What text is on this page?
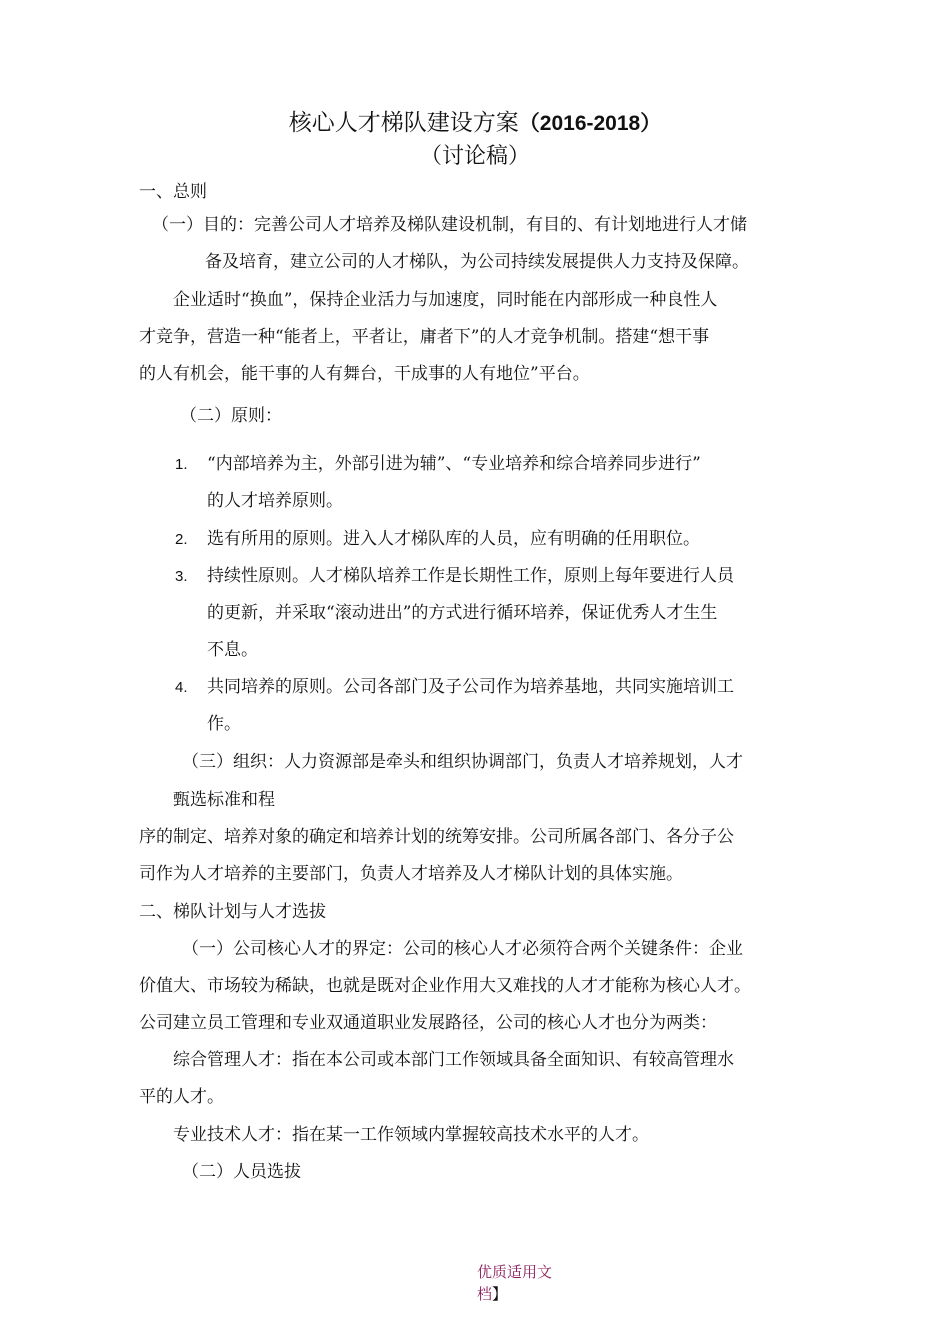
核心人才梯队建设方案（2016-2018）
（讨论稿）
一、总则
（一）目的：完善公司人才培养及梯队建设机制，有目的、有计划地进行人才储
备及培育，建立公司的人才梯队，为公司持续发展提供人力支持及保障。
企业适时“换血”，保持企业活力与加速度，同时能在内部形成一种良性人
才竞争，营造一种“能者上，平者让，庸者下”的人才竞争机制。搭建“想干事
的人有机会，能干事的人有舞台，干成事的人有地位”平台。
（二）原则：
1. “内部培养为主，外部引进为辅”、“专业培养和综合培养同步进行”
的人才培养原则。
2. 选有所用的原则。进入人才梯队库的人员，应有明确的任用职位。
3. 持续性原则。人才梯队培养工作是长期性工作，原则上每年要进行人员
的更新，并采取“滚动进出”的方式进行循环培养，保证优秀人才生生
不息。
4. 共同培养的原则。公司各部门及子公司作为培养基地，共同实施培训工
作。
（三）组织：人力资源部是牵头和组织协调部门，负责人才培养规划，人才
甄选标准和程
序的制定、培养对象的确定和培养计划的统筹安排。公司所属各部门、各分子公
司作为人才培养的主要部门，负责人才培养及人才梯队计划的具体实施。
二、梯队计划与人才选拔
（一）公司核心人才的界定：公司的核心人才必须符合两个关键条件：企业
价值大、市场较为稀缺，也就是既对企业作用大又难找的人才才能称为核心人才。
公司建立员工管理和专业双通道职业发展路径，公司的核心人才也分为两类：
综合管理人才：指在本公司或本部门工作领域具备全面知识、有较高管理水
平的人才。
专业技术人才：指在某一工作领域内掌握较高技术水平的人才。
（二）人员选拔
优质适用文档】
